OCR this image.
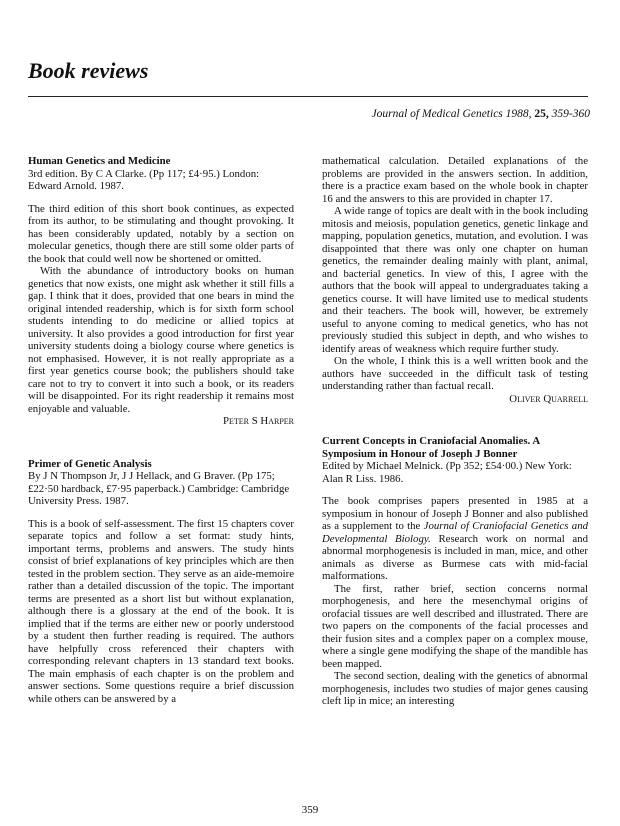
Book reviews
Journal of Medical Genetics 1988, 25, 359-360
Human Genetics and Medicine
3rd edition. By C A Clarke. (Pp 117; £4·95.) London: Edward Arnold. 1987.

The third edition of this short book continues, as expected from its author, to be stimulating and thought provoking. It has been considerably updated, notably by a section on molecular genetics, though there are still some older parts of the book that could well now be shortened or omitted.

With the abundance of introductory books on human genetics that now exists, one might ask whether it still fills a gap. I think that it does, provided that one bears in mind the original intended readership, which is for sixth form school students intending to do medicine or allied topics at university. It also provides a good introduction for first year university students doing a biology course where genetics is not emphasised. However, it is not really appropriate as a first year genetics course book; the publishers should take care not to try to convert it into such a book, or its readers will be disappointed. For its right readership it remains most enjoyable and valuable.

Peter S Harper

Primer of Genetic Analysis
By J N Thompson Jr, J J Hellack, and G Braver. (Pp 175; £22·50 hardback, £7·95 paperback.) Cambridge: Cambridge University Press. 1987.

This is a book of self-assessment. The first 15 chapters cover separate topics and follow a set format: study hints, important terms, problems and answers. The study hints consist of brief explanations of key principles which are then tested in the problem section. They serve as an aide-memoire rather than a detailed discussion of the topic. The important terms are presented as a short list but without explanation, although there is a glossary at the end of the book. It is implied that if the terms are either new or poorly understood by a student then further reading is required. The authors have helpfully cross referenced their chapters with corresponding relevant chapters in 13 standard text books. The main emphasis of each chapter is on the problem and answer sections. Some questions require a brief discussion while others can be answered by a

mathematical calculation. Detailed explanations of the problems are provided in the answers section. In addition, there is a practice exam based on the whole book in chapter 16 and the answers to this are provided in chapter 17.

A wide range of topics are dealt with in the book including mitosis and meiosis, population genetics, genetic linkage and mapping, population genetics, mutation, and evolution. I was disappointed that there was only one chapter on human genetics, the remainder dealing mainly with plant, animal, and bacterial genetics. In view of this, I agree with the authors that the book will appeal to undergraduates taking a genetics course. It will have limited use to medical students and their teachers. The book will, however, be extremely useful to anyone coming to medical genetics, who has not previously studied this subject in depth, and who wishes to identify areas of weakness which require further study.

On the whole, I think this is a well written book and the authors have succeeded in the difficult task of testing understanding rather than factual recall.

Oliver Quarrell

Current Concepts in Craniofacial Anomalies. A Symposium in Honour of Joseph J Bonner
Edited by Michael Melnick. (Pp 352; £54·00.) New York: Alan R Liss. 1986.

The book comprises papers presented in 1985 at a symposium in honour of Joseph J Bonner and also published as a supplement to the Journal of Craniofacial Genetics and Developmental Biology. Research work on normal and abnormal morphogenesis is included in man, mice, and other animals as diverse as Burmese cats with mid-facial malformations.

The first, rather brief, section concerns normal morphogenesis, and here the mesenchymal origins of orofacial tissues are well described and illustrated. There are two papers on the components of the facial processes and their fusion sites and a complex paper on a complex mouse, where a single gene modifying the shape of the mandible has been mapped.

The second section, dealing with the genetics of abnormal morphogenesis, includes two studies of major genes causing cleft lip in mice; an interesting

359
